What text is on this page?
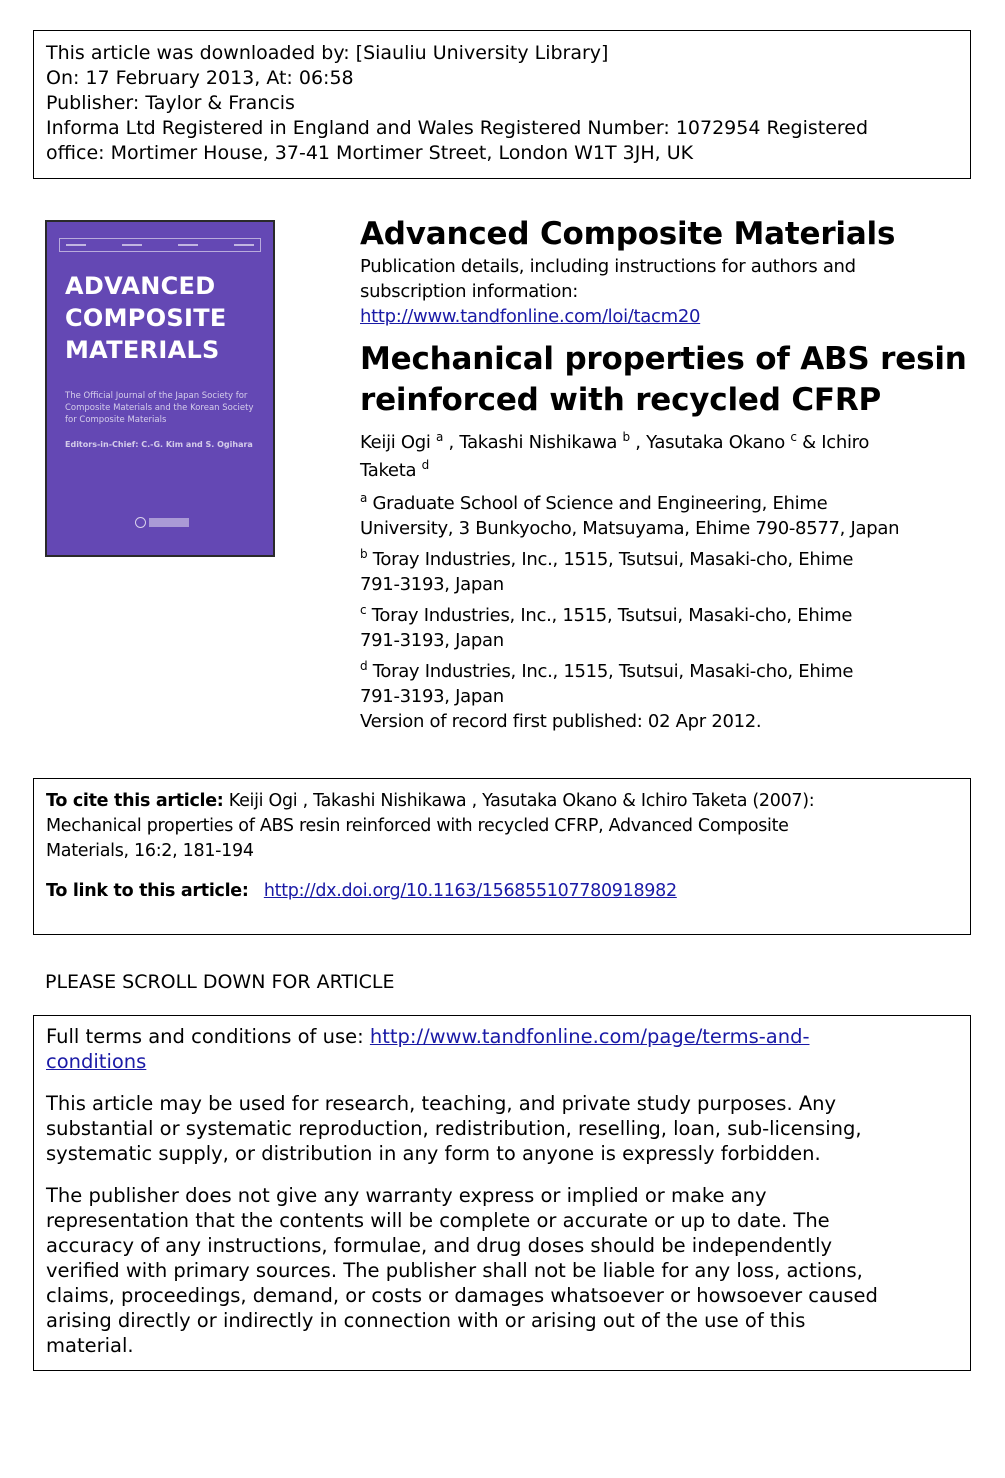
This article was downloaded by: [Siauliu University Library]
On: 17 February 2013, At: 06:58
Publisher: Taylor & Francis
Informa Ltd Registered in England and Wales Registered Number: 1072954 Registered
office: Mortimer House, 37-41 Mortimer Street, London W1T 3JH, UK
ADVANCED
COMPOSITE
MATERIALS
The Official Journal of the Japan Society for Composite Materials and the Korean Society for Composite Materials
Editors-in-Chief: C.-G. Kim and S. Ogihara
Advanced Composite Materials
Publication details, including instructions for authors and
subscription information:
http://www.tandfonline.com/loi/tacm20
Mechanical properties of ABS resin
reinforced with recycled CFRP
Keiji Ogi $^a$ , Takashi Nishikawa $^b$ , Yasutaka Okano $^c$ & Ichiro
Taketa $^d$
$^a$ Graduate School of Science and Engineering, Ehime
University, 3 Bunkyocho, Matsuyama, Ehime 790-8577, Japan
$^b$ Toray Industries, Inc., 1515, Tsutsui, Masaki-cho, Ehime
791-3193, Japan
$^c$ Toray Industries, Inc., 1515, Tsutsui, Masaki-cho, Ehime
791-3193, Japan
$^d$ Toray Industries, Inc., 1515, Tsutsui, Masaki-cho, Ehime
791-3193, Japan
Version of record first published: 02 Apr 2012.
To cite this article: Keiji Ogi , Takashi Nishikawa , Yasutaka Okano & Ichiro Taketa (2007):
Mechanical properties of ABS resin reinforced with recycled CFRP, Advanced Composite
Materials, 16:2, 181-194
To link to this article: http://dx.doi.org/10.1163/156855107780918982
PLEASE SCROLL DOWN FOR ARTICLE

Full terms and conditions of use: http://www.tandfonline.com/page/terms-and-
conditions

This article may be used for research, teaching, and private study purposes. Any
substantial or systematic reproduction, redistribution, reselling, loan, sub-licensing,
systematic supply, or distribution in any form to anyone is expressly forbidden.

The publisher does not give any warranty express or implied or make any
representation that the contents will be complete or accurate or up to date. The
accuracy of any instructions, formulae, and drug doses should be independently
verified with primary sources. The publisher shall not be liable for any loss, actions,
claims, proceedings, demand, or costs or damages whatsoever or howsoever caused
arising directly or indirectly in connection with or arising out of the use of this
material.
